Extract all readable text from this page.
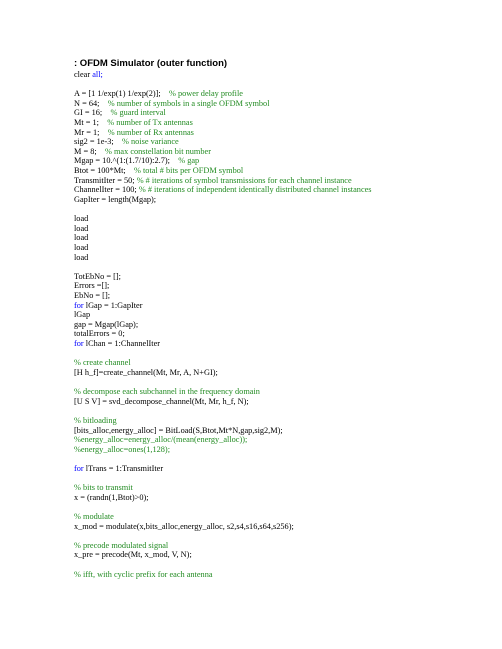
: OFDM Simulator (outer function)
clear all;
A = [1 1/exp(1) 1/exp(2)];    % power delay profile
N = 64;    % number of symbols in a single OFDM symbol
GI = 16;    % guard interval
Mt = 1;    % number of Tx antennas
Mr = 1;    % number of Rx antennas
sig2 = 1e-3;    % noise variance
M = 8;    % max constellation bit number
Mgap = 10.^(1:(1.7/10):2.7);    % gap
Btot = 100*Mt;    % total # bits per OFDM symbol
TransmitIter = 50; % # iterations of symbol transmissions for each channel instance
ChannelIter = 100; % # iterations of independent identically distributed channel instances
GapIter = length(Mgap);
load
load
load
load
load
TotEbNo = [];
Errors =[];
EbNo = [];
for lGap = 1:GapIter
lGap
gap = Mgap(lGap);
totalErrors = 0;
for lChan = 1:ChannelIter
% create channel
[H h_f]=create_channel(Mt, Mr, A, N+GI);
% decompose each subchannel in the frequency domain
[U S V] = svd_decompose_channel(Mt, Mr, h_f, N);
% bitloading
[bits_alloc,energy_alloc] = BitLoad(S,Btot,Mt*N,gap,sig2,M);
%energy_alloc=energy_alloc/(mean(energy_alloc));
%energy_alloc=ones(1,128);
for lTrans = 1:TransmitIter
% bits to transmit
x = (randn(1,Btot)>0);
% modulate
x_mod = modulate(x,bits_alloc,energy_alloc, s2,s4,s16,s64,s256);
% precode modulated signal
x_pre = precode(Mt, x_mod, V, N);
% ifft, with cyclic prefix for each antenna
